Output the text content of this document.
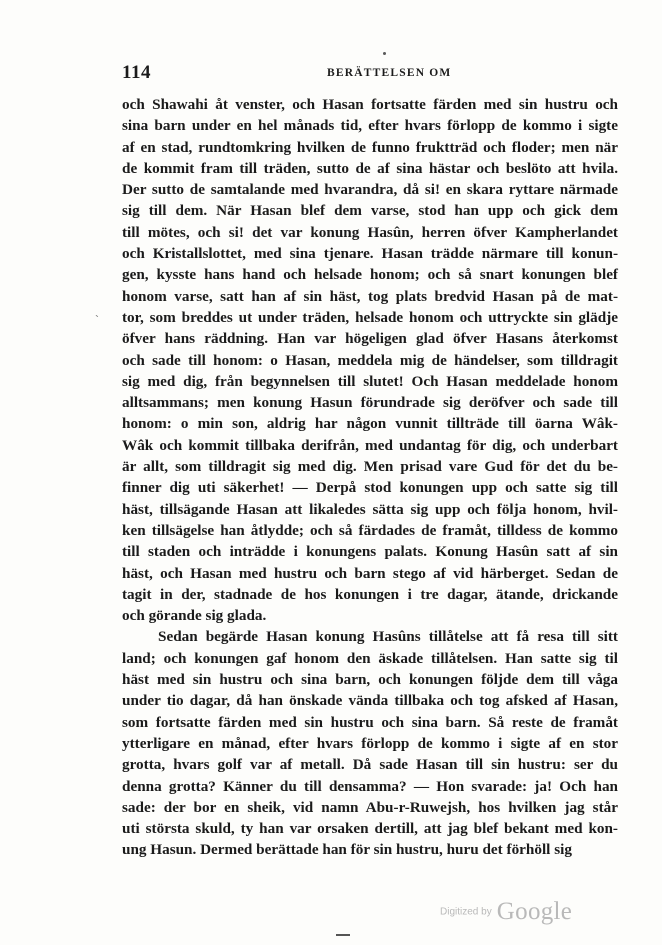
114	BERÄTTELSEN OM
`
och Shawahi åt venster, och Hasan fortsatte färden med sin hustru och
sina barn under en hel månads tid, efter hvars förlopp de kommo i sigte
af en stad, rundtomkring hvilken de funno fruktträd och floder; men när
de kommit fram till träden, sutto de af sina hästar och beslöto att hvila.
Der sutto de samtalande med hvarandra, då si! en skara ryttare närmade
sig till dem. När Hasan blef dem varse, stod han upp och gick dem
till mötes, och si! det var konung Hasûn, herren öfver Kampherlandet
och Kristallslottet, med sina tjenare. Hasan trädde närmare till konun-
gen, kysste hans hand och helsade honom; och så snart konungen blef
honom varse, satt han af sin häst, tog plats bredvid Hasan på de mat-
tor, som breddes ut under träden, helsade honom och uttryckte sin glädje
öfver hans räddning. Han var högeligen glad öfver Hasans återkomst
och sade till honom: o Hasan, meddela mig de händelser, som tilldragit
sig med dig, från begynnelsen till slutet! Och Hasan meddelade honom
alltsammans; men konung Hasun förundrade sig deröfver och sade till
honom: o min son, aldrig har någon vunnit tillträde till öarna Wâk-
Wâk och kommit tillbaka derifrån, med undantag för dig, och underbart
är allt, som tilldragit sig med dig. Men prisad vare Gud för det du be-
finner dig uti säkerhet! — Derpå stod konungen upp och satte sig till
häst, tillsägande Hasan att likaledes sätta sig upp och följa honom, hvil-
ken tillsägelse han åtlydde; och så färdades de framåt, tilldess de kommo
till staden och inträdde i konungens palats. Konung Hasûn satt af sin
häst, och Hasan med hustru och barn stego af vid härberget. Sedan de
tagit in der, stadnade de hos konungen i tre dagar, ätande, drickande
och görande sig glada.
Sedan begärde Hasan konung Hasûns tillåtelse att få resa till sitt
land; och konungen gaf honom den äskade tillåtelsen. Han satte sig til
häst med sin hustru och sina barn, och konungen följde dem till våga
under tio dagar, då han önskade vända tillbaka och tog afsked af Hasan,
som fortsatte färden med sin hustru och sina barn. Så reste de framåt
ytterligare en månad, efter hvars förlopp de kommo i sigte af en stor
grotta, hvars golf var af metall. Då sade Hasan till sin hustru: ser du
denna grotta? Känner du till densamma? — Hon svarade: ja! Och han
sade: der bor en sheik, vid namn Abu-r-Ruwejsh, hos hvilken jag står
uti största skuld, ty han var orsaken dertill, att jag blef bekant med kon-
ung Hasun. Dermed berättade han för sin hustru, huru det förhöll sig
Digitized by Google
